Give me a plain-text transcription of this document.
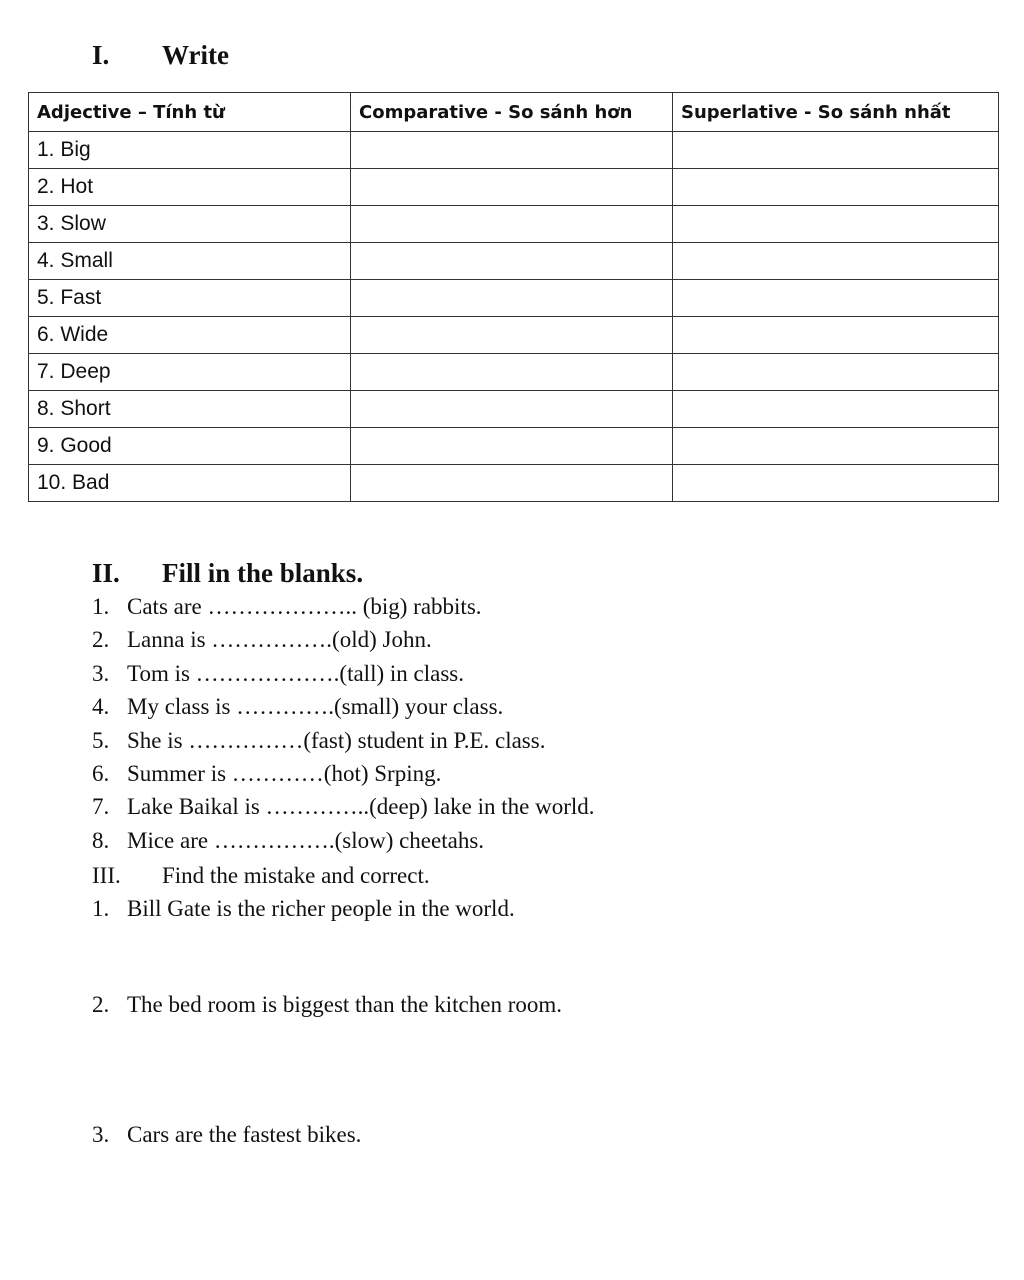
I.	Write
Adjective – Tính từ	Comparative - So sánh hơn	Superlative - So sánh nhất
1. Big		
2. Hot		
3. Slow		
4. Small		
5. Fast		
6. Wide		
7. Deep		
8. Short		
9. Good		
10. Bad		
II.	Fill in the blanks.
1. Cats are ……………….. (big) rabbits.
2. Lanna is …………….(old) John.
3. Tom is ……………….(tall) in class.
4. My class is ………….(small) your class.
5. She is ……………(fast) student in P.E. class.
6. Summer is …………(hot) Srping.
7. Lake Baikal is …………..(deep) lake in the world.
8. Mice are …………….(slow) cheetahs.
III.	Find the mistake and correct.
1. Bill Gate is the richer people in the world.
2. The bed room is biggest than the kitchen room.
3. Cars are the fastest bikes.
